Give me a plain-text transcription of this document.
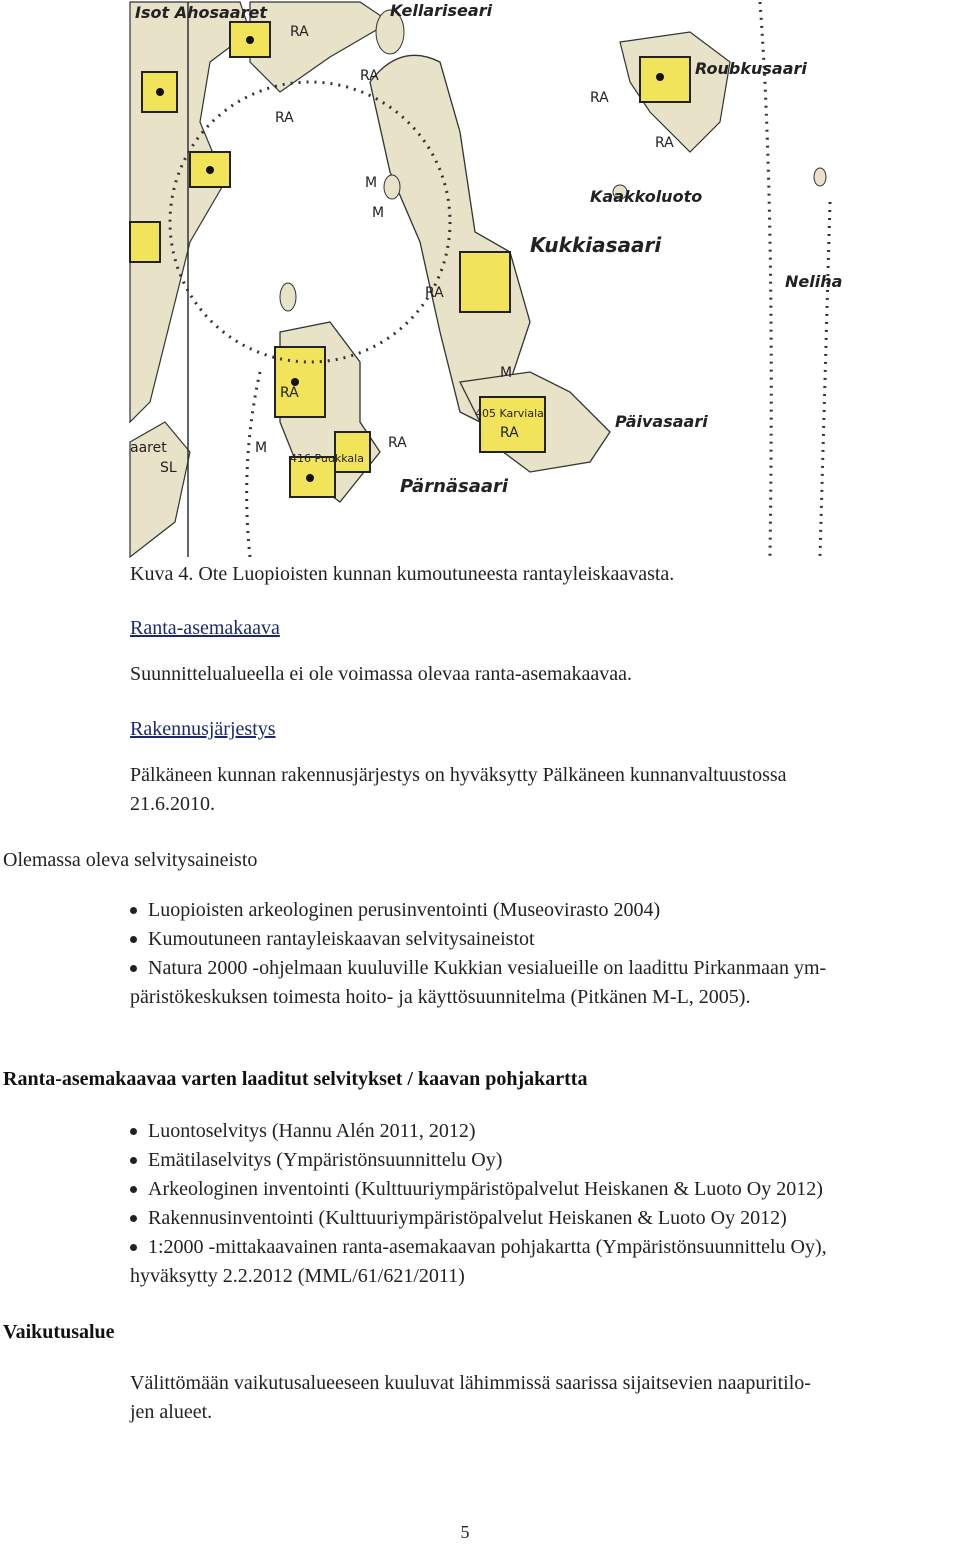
Isot Ahosaaret	Kellariseari
Roubkusaari
Kaakkoluoto
Kukkiasaari
Neliha
Päivasaari
Pärnäsaari
RA
RA
RA
M
M
RA
RA
RA
RA
RA
RA
M
M
SL
aaret
405 Karviala
416 Puukkala
Kuva 4. Ote Luopioisten kunnan kumoutuneesta rantayleiskaavasta.
Ranta-asemakaava
Suunnittelualueella ei ole voimassa olevaa ranta-asemakaavaa.
Rakennusjärjestys
Pälkäneen kunnan rakennusjärjestys on hyväksytty Pälkäneen kunnanvaltuustossa
21.6.2010.
Olemassa oleva selvitysaineisto
Luopioisten arkeologinen perusinventointi (Museovirasto 2004)
Kumoutuneen rantayleiskaavan selvitysaineistot
Natura 2000 -ohjelmaan kuuluville Kukkian vesialueille on laadittu Pirkanmaan ym-
päristökeskuksen toimesta hoito- ja käyttösuunnitelma (Pitkänen M-L, 2005).
Ranta-asemakaavaa varten laaditut selvitykset / kaavan pohjakartta
Luontoselvitys (Hannu Alén 2011, 2012)
Emätilaselvitys (Ympäristönsuunnittelu Oy)
Arkeologinen inventointi (Kulttuuriympäristöpalvelut Heiskanen & Luoto Oy 2012)
Rakennusinventointi (Kulttuuriympäristöpalvelut Heiskanen & Luoto Oy 2012)
1:2000 -mittakaavainen ranta-asemakaavan pohjakartta (Ympäristönsuunnittelu Oy),
hyväksytty 2.2.2012 (MML/61/621/2011)
Vaikutusalue
Välittömään vaikutusalueeseen kuuluvat lähimmissä saarissa sijaitsevien naapuritilo-
jen alueet.
5
